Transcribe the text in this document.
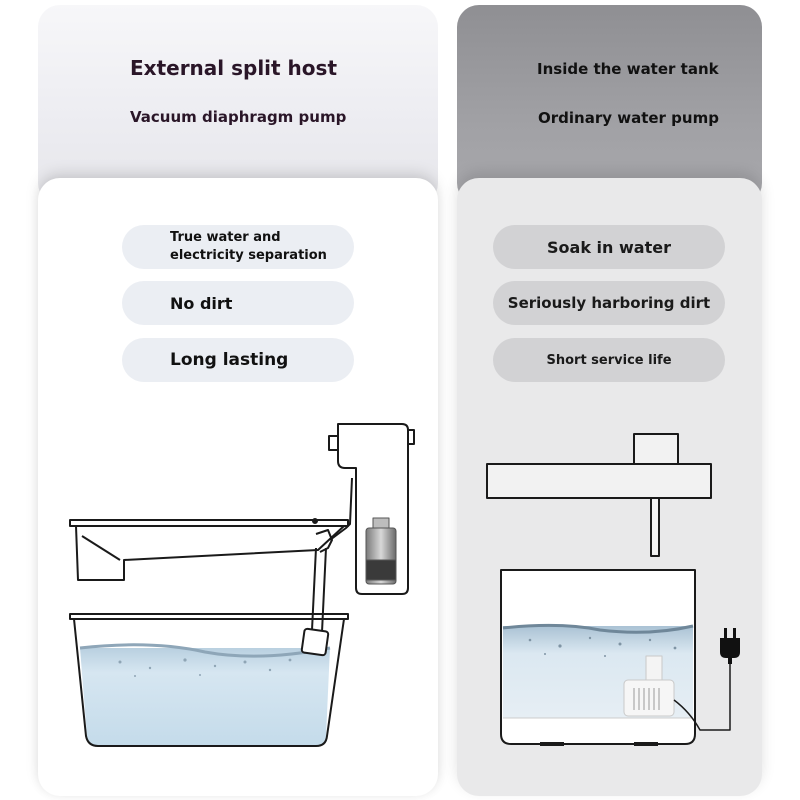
External split host
Vacuum diaphragm pump
Inside the water tank
Ordinary water pump
True water and electricity separation
No dirt
Long lasting
Soak in water
Seriously harboring dirt
Short service life
